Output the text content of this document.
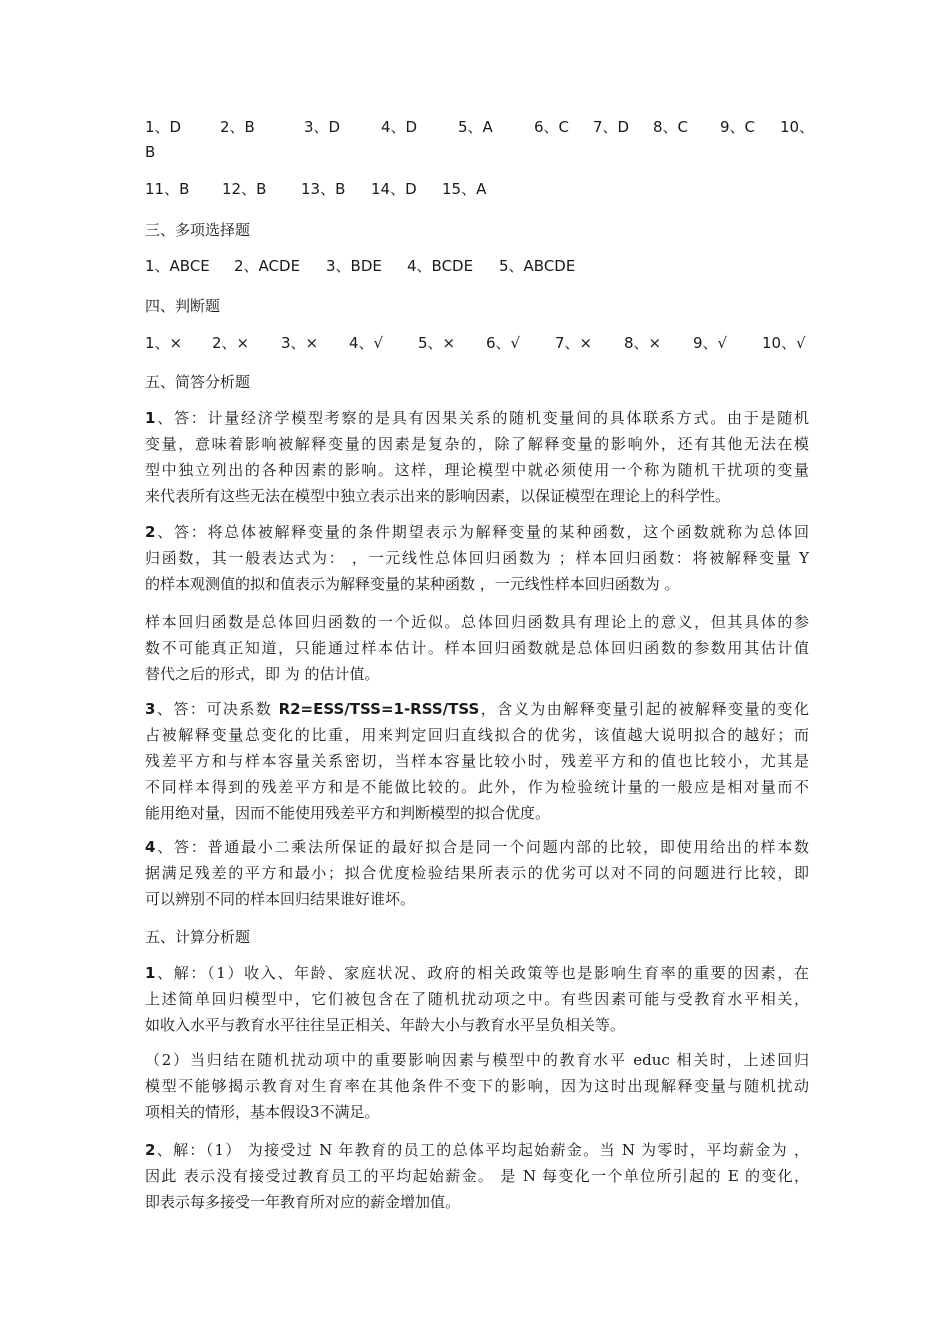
1、D	2、B	3、D	4、D	5、A	6、C 7、D 8、C 9、C 10、
B
11、B 12、B 13、B 14、D 15、A
三、多项选择题
1、ABCE 2、ACDE 3、BDE 4、BCDE 5、ABCDE
四、判断题
1、× 2、× 3、× 4、√ 5、× 6、√ 7、× 8、× 9、√ 10、√
五、简答分析题
1、答：计量经济学模型考察的是具有因果关系的随机变量间的具体联系方式。由于是随机
变量，意味着影响被解释变量的因素是复杂的，除了解释变量的影响外，还有其他无法在模
型中独立列出的各种因素的影响。这样，理论模型中就必须使用一个称为随机干扰项的变量
来代表所有这些无法在模型中独立表示出来的影响因素，以保证模型在理论上的科学性。
2、答：将总体被解释变量的条件期望表示为解释变量的某种函数，这个函数就称为总体回
归函数，其一般表达式为： ，一元线性总体回归函数为 ；样本回归函数：将被解释变量 Y
的样本观测值的拟和值表示为解释变量的某种函数 ，一元线性样本回归函数为 。
样本回归函数是总体回归函数的一个近似。总体回归函数具有理论上的意义，但其具体的参
数不可能真正知道，只能通过样本估计。样本回归函数就是总体回归函数的参数用其估计值
替代之后的形式，即 为 的估计值。
3、答：可决系数 R2=ESS/TSS=1-RSS/TSS，含义为由解释变量引起的被解释变量的变化
占被解释变量总变化的比重，用来判定回归直线拟合的优劣，该值越大说明拟合的越好；而
残差平方和与样本容量关系密切，当样本容量比较小时，残差平方和的值也比较小，尤其是
不同样本得到的残差平方和是不能做比较的。此外，作为检验统计量的一般应是相对量而不
能用绝对量，因而不能使用残差平方和判断模型的拟合优度。
4、答：普通最小二乘法所保证的最好拟合是同一个问题内部的比较，即使用给出的样本数
据满足残差的平方和最小；拟合优度检验结果所表示的优劣可以对不同的问题进行比较，即
可以辨别不同的样本回归结果谁好谁坏。
五、计算分析题
1、解：（1）收入、年龄、家庭状况、政府的相关政策等也是影响生育率的重要的因素，在
上述简单回归模型中，它们被包含在了随机扰动项之中。有些因素可能与受教育水平相关，
如收入水平与教育水平往往呈正相关、年龄大小与教育水平呈负相关等。
（2）当归结在随机扰动项中的重要影响因素与模型中的教育水平 educ 相关时，上述回归
模型不能够揭示教育对生育率在其他条件不变下的影响，因为这时出现解释变量与随机扰动
项相关的情形，基本假设3不满足。
2、解：（1） 为接受过 N 年教育的员工的总体平均起始薪金。当 N 为零时，平均薪金为 ，
因此 表示没有接受过教育员工的平均起始薪金。 是 N 每变化一个单位所引起的 E 的变化，
即表示每多接受一年教育所对应的薪金增加值。
